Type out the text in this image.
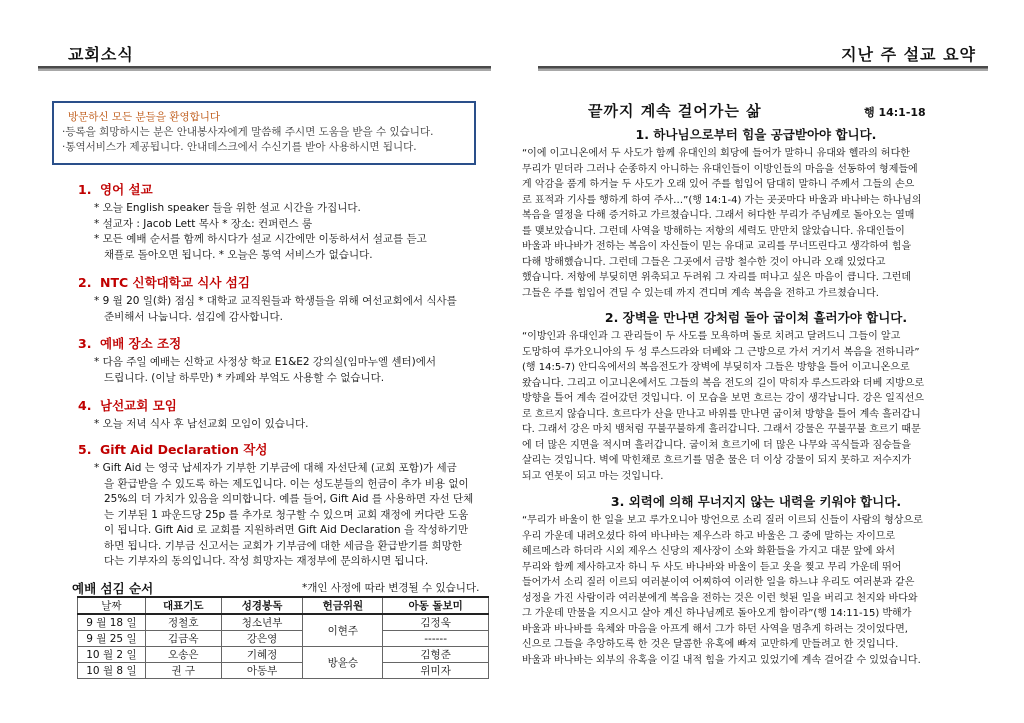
교회소식
방문하신 모든 분들을 환영합니다
·등록을 희망하시는 분은 안내봉사자에게 말씀해 주시면 도움을 받을 수 있습니다.
·통역서비스가 제공됩니다. 안내데스크에서 수신기를 받아 사용하시면 됩니다.
1. 영어 설교
* 오늘 English speaker 들을 위한 설교 시간을 가집니다.
* 설교자 : Jacob Lett 목사 * 장소: 컨퍼런스 룸
* 모든 예배 순서를 함께 하시다가 설교 시간에만 이동하셔서 설교를 듣고
채플로 돌아오면 됩니다. * 오늘은 통역 서비스가 없습니다.
2. NTC 신학대학교 식사 섬김
* 9 월 20 일(화) 점심 * 대학교 교직원들과 학생들을 위해 여선교회에서 식사를
준비해서 나눕니다. 섬김에 감사합니다.
3. 예배 장소 조정
* 다음 주일 예배는 신학교 사정상 학교 E1&E2 강의실(임마누엘 센터)에서
드립니다. (이날 하루만) * 카페와 부엌도 사용할 수 없습니다.
4. 남선교회 모임
* 오늘 저녁 식사 후 남선교회 모임이 있습니다.
5. Gift Aid Declaration 작성
* Gift Aid 는 영국 납세자가 기부한 기부금에 대해 자선단체 (교회 포함)가 세금
을 환급받을 수 있도록 하는 제도입니다. 이는 성도분들의 헌금이 추가 비용 없이
25%의 더 가치가 있음을 의미합니다. 예를 들어, Gift Aid 를 사용하면 자선 단체
는 기부된 1 파운드당 25p 를 추가로 청구할 수 있으며 교회 재정에 커다란 도움
이 됩니다. Gift Aid 로 교회를 지원하려면 Gift Aid Declaration 을 작성하기만
하면 됩니다. 기부금 신고서는 교회가 기부금에 대한 세금을 환급받기를 희망한
다는 기부자의 동의입니다. 작성 희망자는 재정부에 문의하시면 됩니다.
예배 섬김 순서	*개인 사정에 따라 변경될 수 있습니다.
날짜	대표기도	성경봉독	헌금위원	아동 돌보미
9 월 18 일	정철호	청소년부	이현주	김정욱
9 월 25 일	김금옥	강은영		------
10 월 2 일	오송은	기혜정	방윤승	김형준
10 월 8 일	권 구	아동부		위미자
지난 주 설교 요약
끝까지 계속 걸어가는 삶	행 14:1-18
1. 하나님으로부터 힘을 공급받아야 합니다.
“이에 이고니온에서 두 사도가 함께 유대인의 회당에 들어가 말하니 유대와 헬라의 허다한
무리가 믿더라 그러나 순종하지 아니하는 유대인들이 이방인들의 마음을 선동하여 형제들에
게 악감을 품게 하거늘 두 사도가 오래 있어 주를 힘입어 담대히 말하니 주께서 그들의 손으
로 표적과 기사를 행하게 하여 주사…”(행 14:1-4) 가는 곳곳마다 바울과 바나바는 하나님의
복음을 열정을 다해 증거하고 가르쳤습니다. 그래서 허다한 무리가 주님께로 돌아오는 열매
를 맺보았습니다. 그런데 사역을 방해하는 저항의 세력도 만만치 않았습니다. 유대인들이
바울과 바나바가 전하는 복음이 자신들이 믿는 유대교 교리를 무너뜨린다고 생각하여 힘을
다해 방해했습니다. 그런데 그들은 그곳에서 금방 철수한 것이 아니라 오래 있었다고
했습니다. 저항에 부딪히면 위축되고 두려워 그 자리를 떠나고 싶은 마음이 큽니다. 그런데
그들은 주를 힘입어 견딜 수 있는데 까지 견디며 계속 복음을 전하고 가르쳤습니다.
2. 장벽을 만나면 강처럼 돌아 굽이쳐 흘러가야 합니다.
“이방인과 유대인과 그 관리들이 두 사도를 모욕하며 돌로 치려고 달려드니 그들이 알고
도망하여 루가오니아의 두 성 루스드라와 더베와 그 근방으로 가서 거기서 복음을 전하니라”
(행 14:5-7) 안디옥에서의 복음전도가 장벽에 부딪히자 그들은 방향을 틀어 이고니온으로
왔습니다. 그리고 이고니온에서도 그들의 복음 전도의 길이 막히자 루스드라와 더베 지방으로
방향을 틀어 계속 걸어갔던 것입니다. 이 모습을 보면 흐르는 강이 생각납니다. 강은 일직선으
로 흐르지 않습니다. 흐르다가 산을 만나고 바위를 만나면 굽이쳐 방향을 틀어 계속 흘러갑니
다. 그래서 강은 마치 뱀처럼 꾸불꾸불하게 흘러갑니다. 그래서 강물은 꾸불꾸불 흐르기 때문
에 더 많은 지면을 적시며 흘러갑니다. 굽이쳐 흐르기에 더 많은 나무와 곡식들과 짐승들을
살리는 것입니다. 벽에 막힌채로 흐르기를 멈춘 물은 더 이상 강물이 되지 못하고 저수지가
되고 연못이 되고 마는 것입니다.
3. 외력에 의해 무너지지 않는 내력을 키워야 합니다.
“무리가 바울이 한 일을 보고 루가오니아 방언으로 소리 질러 이르되 신들이 사람의 형상으로
우리 가운데 내려오셨다 하여 바나바는 제우스라 하고 바울은 그 중에 말하는 자이므로
헤르메스라 하더라 시외 제우스 신당의 제사장이 소와 화환들을 가지고 대문 앞에 와서
무리와 함께 제사하고자 하니 두 사도 바나바와 바울이 듣고 옷을 찢고 무리 가운데 뛰어
들어가서 소리 질러 이르되 여러분이여 어찌하여 이러한 일을 하느냐 우리도 여러분과 같은
성정을 가진 사람이라 여러분에게 복음을 전하는 것은 이런 헛된 일을 버리고 천지와 바다와
그 가운데 만물을 지으시고 살아 계신 하나님께로 돌아오게 함이라”(행 14:11-15) 박해가
바울과 바나바를 육체와 마음을 아프게 해서 그가 하던 사역을 멈추게 하려는 것이었다면,
신으로 그들을 추앙하도록 한 것은 달콤한 유혹에 빠져 교만하게 만들려고 한 것입니다.
바울과 바나바는 외부의 유혹을 이길 내적 힘을 가지고 있었기에 계속 걸어갈 수 있었습니다.
